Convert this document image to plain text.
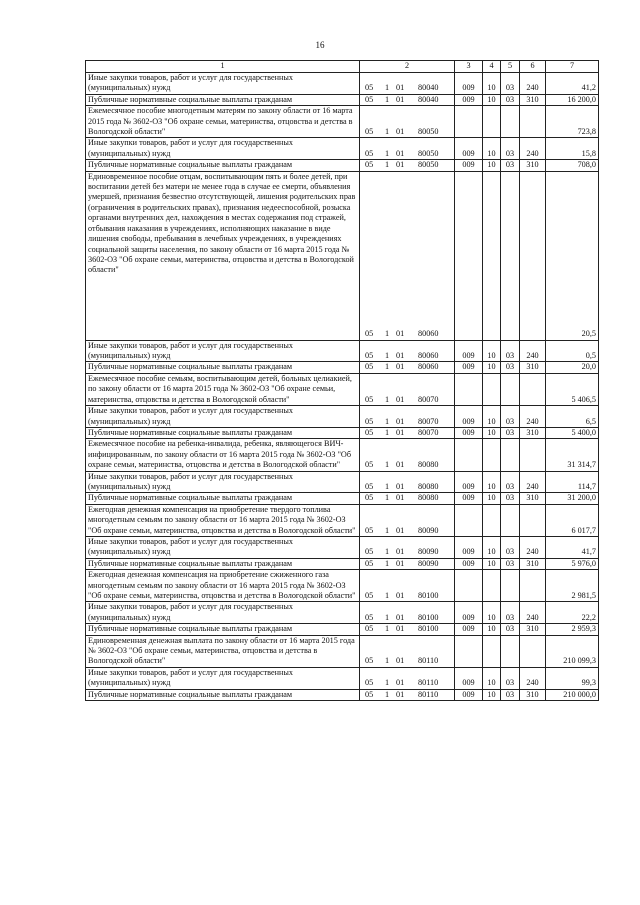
16
1	2	3	4	5	6	7
Иные закупки товаров, работ и услуг для государственных (муниципальных) нужд	05 1 01 80040	009	10	03	240	41,2
Публичные нормативные социальные выплаты гражданам	05 1 01 80040	009	10	03	310	16 200,0
Ежемесячное пособие многодетным матерям по закону области от 16 марта 2015 года № 3602-ОЗ "Об охране семьи, материнства, отцовства и детства в Вологодской области"	05 1 01 80050					723,8
Иные закупки товаров, работ и услуг для государственных (муниципальных) нужд	05 1 01 80050	009	10	03	240	15,8
Публичные нормативные социальные выплаты гражданам	05 1 01 80050	009	10	03	310	708,0
Единовременное пособие отцам, воспитывающим пять и более детей, при воспитании детей без матери не менее года в случае ее смерти, объявления умершей, признания безвестно отсутствующей, лишения родительских прав (ограничения в родительских правах), признания недееспособной, розыска органами внутренних дел, нахождения в местах содержания под стражей, отбывания наказания в учреждениях, исполняющих наказание в виде лишения свободы, пребывания в лечебных учреждениях, в учреждениях социальной защиты населения, по закону области от 16 марта 2015 года № 3602-ОЗ "Об охране семьи, материнства, отцовства и детства в Вологодской области"	05 1 01 80060					20,5
Иные закупки товаров, работ и услуг для государственных (муниципальных) нужд	05 1 01 80060	009	10	03	240	0,5
Публичные нормативные социальные выплаты гражданам	05 1 01 80060	009	10	03	310	20,0
Ежемесячное пособие семьям, воспитывающим детей, больных целиакией, по закону области от 16 марта 2015 года № 3602-ОЗ "Об охране семьи, материнства, отцовства и детства в Вологодской области"	05 1 01 80070					5 406,5
Иные закупки товаров, работ и услуг для государственных (муниципальных) нужд	05 1 01 80070	009	10	03	240	6,5
Публичные нормативные социальные выплаты гражданам	05 1 01 80070	009	10	03	310	5 400,0
Ежемесячное пособие на ребенка-инвалида, ребенка, являющегося ВИЧ-инфицированным, по закону области от 16 марта 2015 года № 3602-ОЗ "Об охране семьи, материнства, отцовства и детства в Вологодской области"	05 1 01 80080					31 314,7
Иные закупки товаров, работ и услуг для государственных (муниципальных) нужд	05 1 01 80080	009	10	03	240	114,7
Публичные нормативные социальные выплаты гражданам	05 1 01 80080	009	10	03	310	31 200,0
Ежегодная денежная компенсация на приобретение твердого топлива многодетным семьям по закону области от 16 марта 2015 года № 3602-ОЗ "Об охране семьи, материнства, отцовства и детства в Вологодской области"	05 1 01 80090					6 017,7
Иные закупки товаров, работ и услуг для государственных (муниципальных) нужд	05 1 01 80090	009	10	03	240	41,7
Публичные нормативные социальные выплаты гражданам	05 1 01 80090	009	10	03	310	5 976,0
Ежегодная денежная компенсация на приобретение сжиженного газа многодетным семьям по закону области от 16 марта 2015 года № 3602-ОЗ "Об охране семьи, материнства, отцовства и детства в Вологодской области"	05 1 01 80100					2 981,5
Иные закупки товаров, работ и услуг для государственных (муниципальных) нужд	05 1 01 80100	009	10	03	240	22,2
Публичные нормативные социальные выплаты гражданам	05 1 01 80100	009	10	03	310	2 959,3
Единовременная денежная выплата по закону области от 16 марта 2015 года № 3602-ОЗ "Об охране семьи, материнства, отцовства и детства в Вологодской области"	05 1 01 80110					210 099,3
Иные закупки товаров, работ и услуг для государственных (муниципальных) нужд	05 1 01 80110	009	10	03	240	99,3
Публичные нормативные социальные выплаты гражданам	05 1 01 80110	009	10	03	310	210 000,0
